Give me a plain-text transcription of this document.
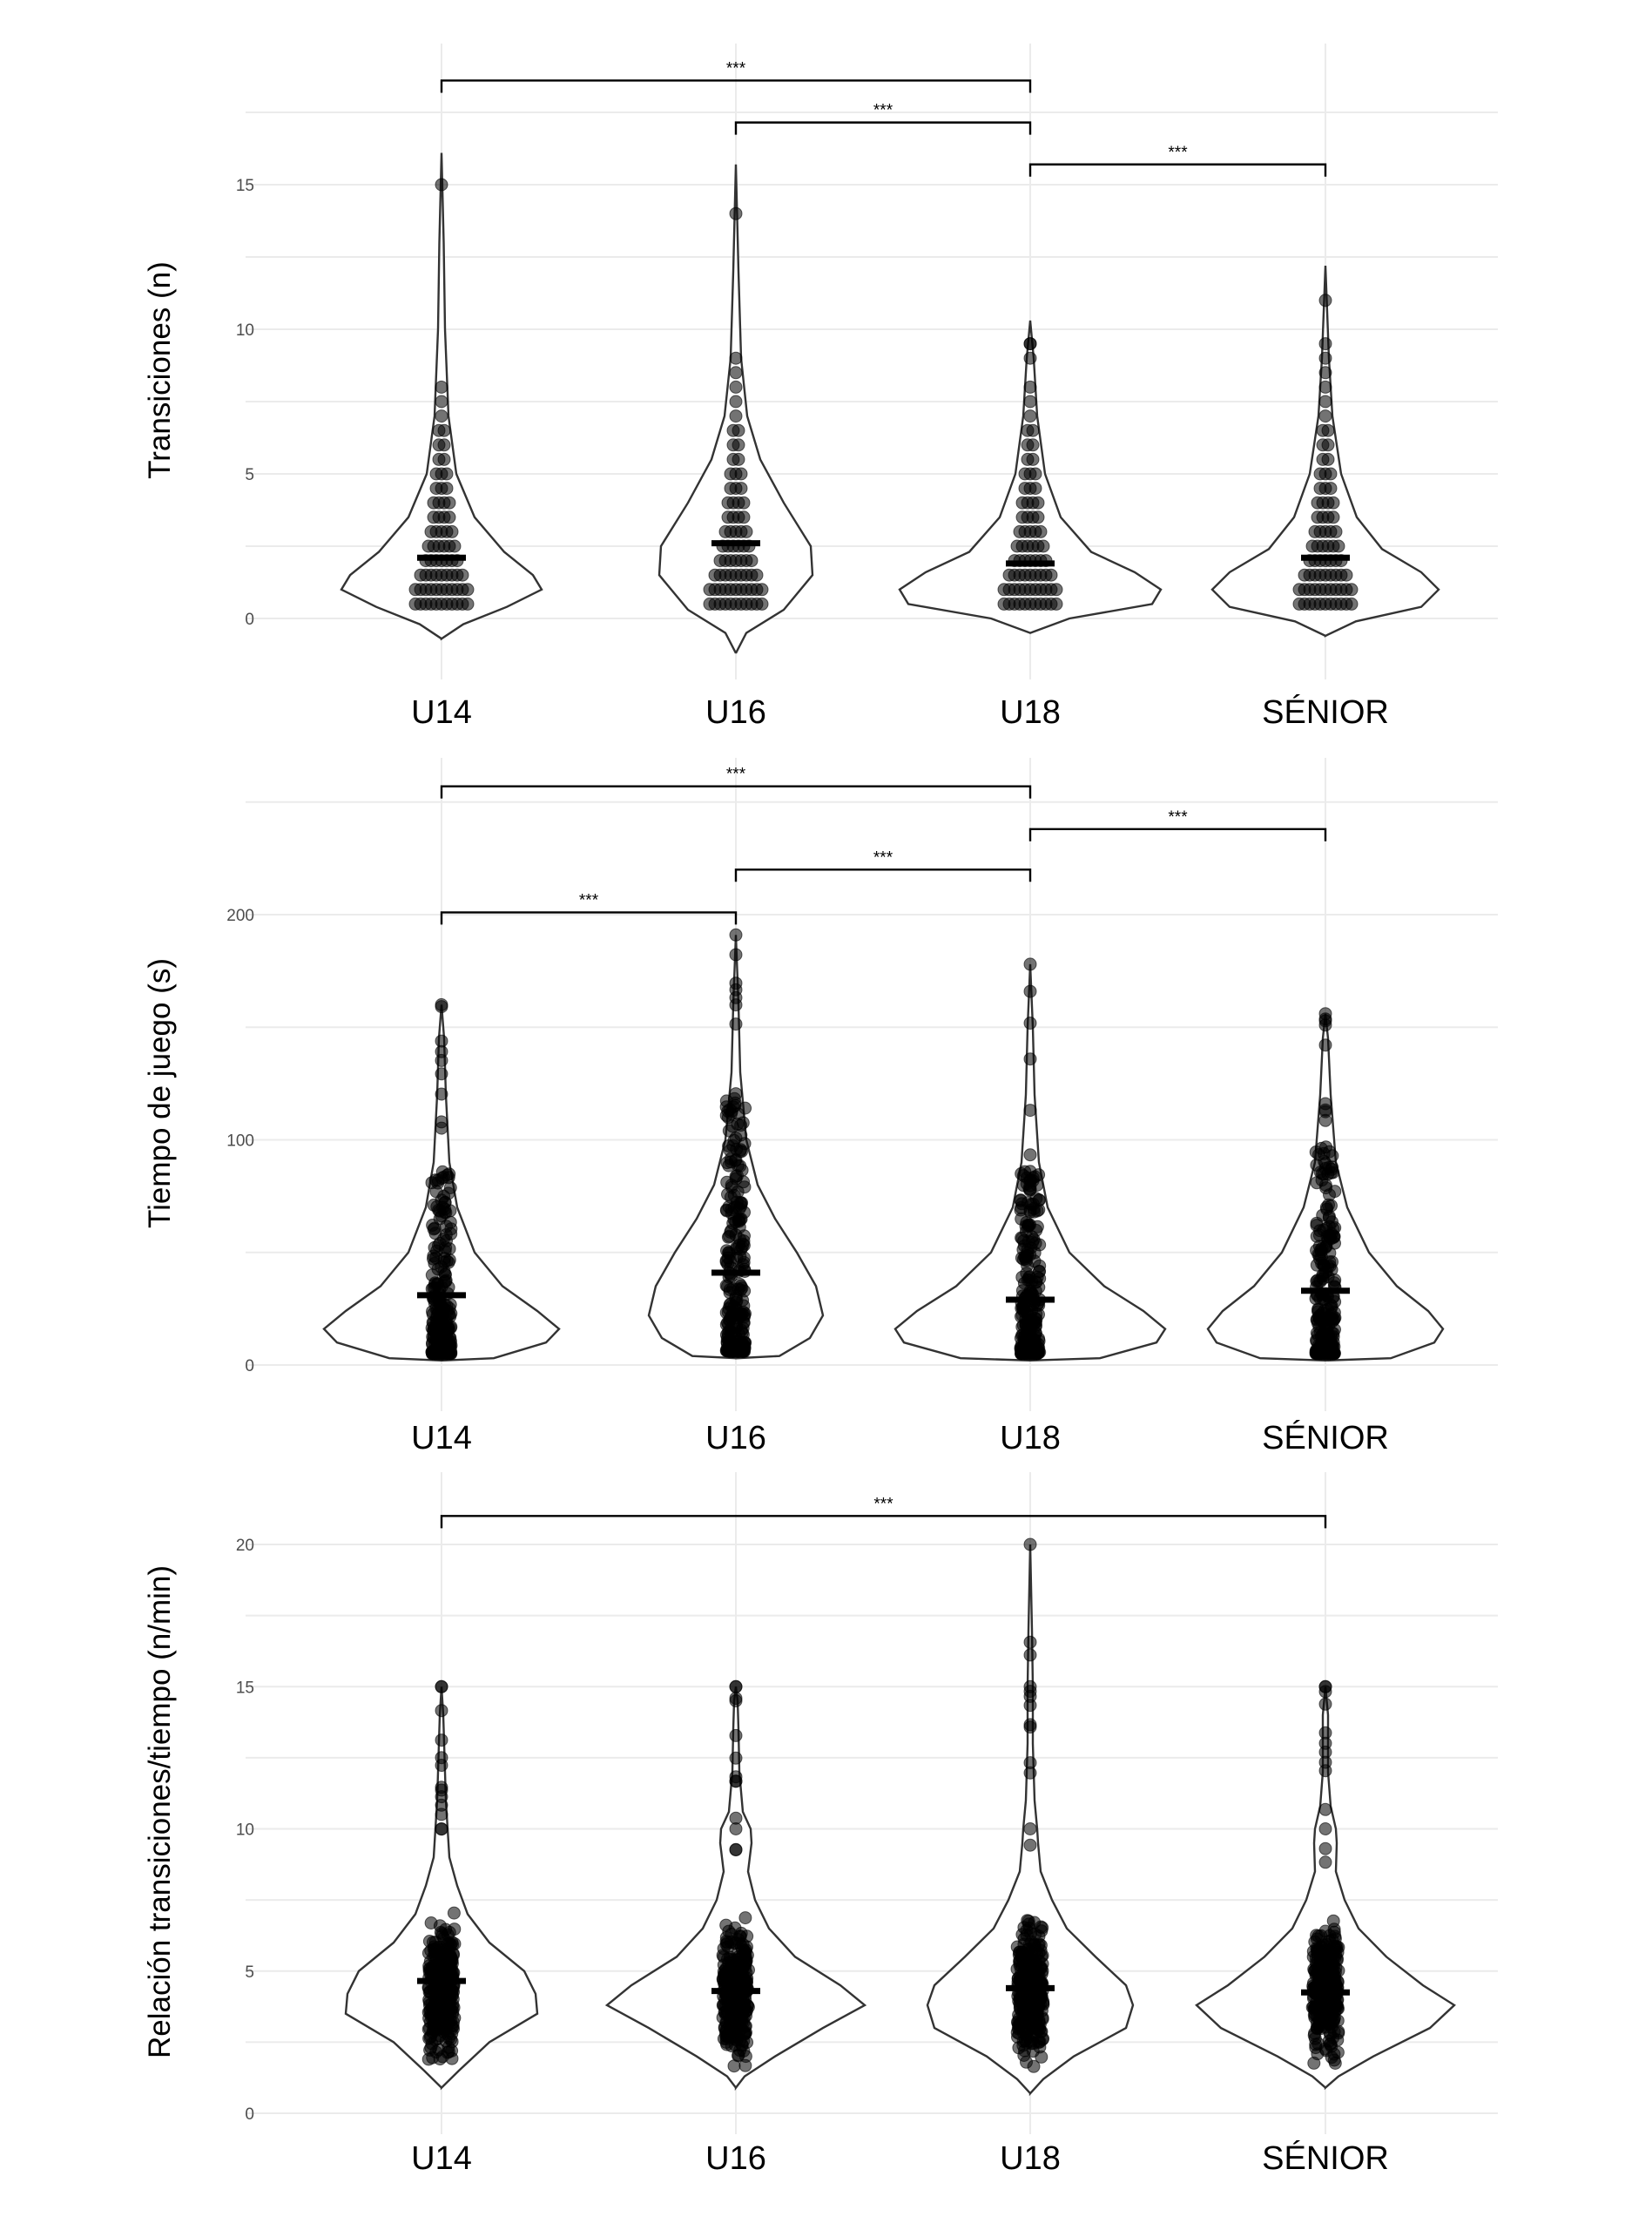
0
5
10
15
Transiciones (n)
U14	U16	U18	SÉNIOR
***
***
***
0
100
200
Tiempo de juego (s)
U14	U16	U18	SÉNIOR
***
***
***
***
0
5
10
15
20
Relación transiciones/tiempo (n/min)
U14	U16	U18	SÉNIOR
***
